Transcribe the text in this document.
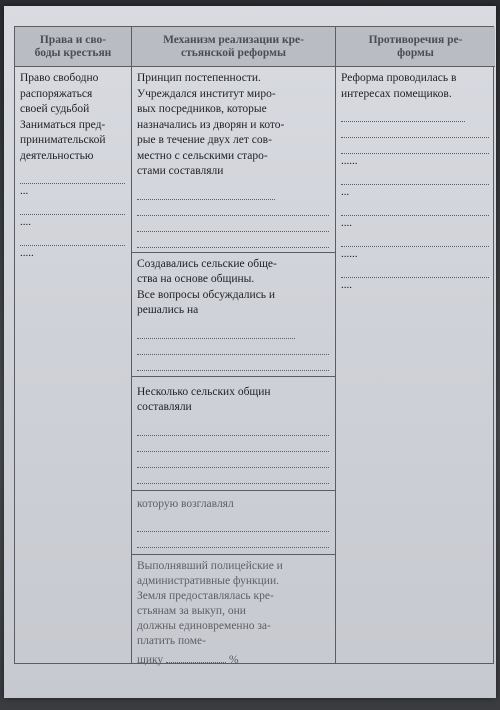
Права и сво-
боды крестьян
Право свободно
распоряжаться
своей судьбой
Заниматься пред-
принимательской
деятельностью
...
....
.....
Механизм реализации кре-
стьянской реформы
Принцип постепенности.
Учреждался институт миро-
вых посредников, которые
назначались из дворян и кото-
рые в течение двух лет сов-
местно с сельскими старо-
стами составляли
Создавались сельские обще-
ства на основе общины.
Все вопросы обсуждались и
решались на
Несколько сельских общин
составляли
которую возглавлял
Выполнявший полицейские и
административные функции.
Земля предоставлялась кре-
стьянам за выкуп, они
должны единовременно за-
платить поме-
щику	%
Противоречия ре-
формы
Реформа проводилась в
интересах помещиков.
......
...
....
......
....
